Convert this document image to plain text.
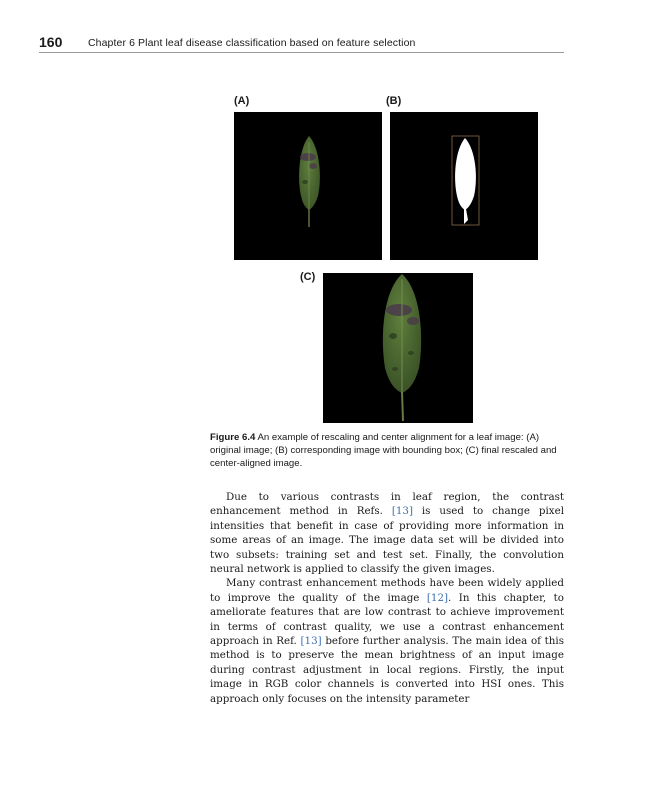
160 Chapter 6 Plant leaf disease classification based on feature selection
(A)	(B)
(C)
Figure 6.4 An example of rescaling and center alignment for a leaf image: (A) original image; (B) corresponding image with bounding box; (C) final rescaled and center-aligned image.

Due to various contrasts in leaf region, the contrast enhancement method in Refs. [13] is used to change pixel intensities that benefit in case of providing more information in some areas of an image. The image data set will be divided into two subsets: training set and test set. Finally, the convolution neural network is applied to classify the given images.

Many contrast enhancement methods have been widely applied to improve the quality of the image [12]. In this chapter, to ameliorate features that are low contrast to achieve improvement in terms of contrast quality, we use a contrast enhancement approach in Ref. [13] before further analysis. The main idea of this method is to preserve the mean brightness of an input image during contrast adjustment in local regions. Firstly, the input image in RGB color channels is converted into HSI ones. This approach only focuses on the intensity parameter
